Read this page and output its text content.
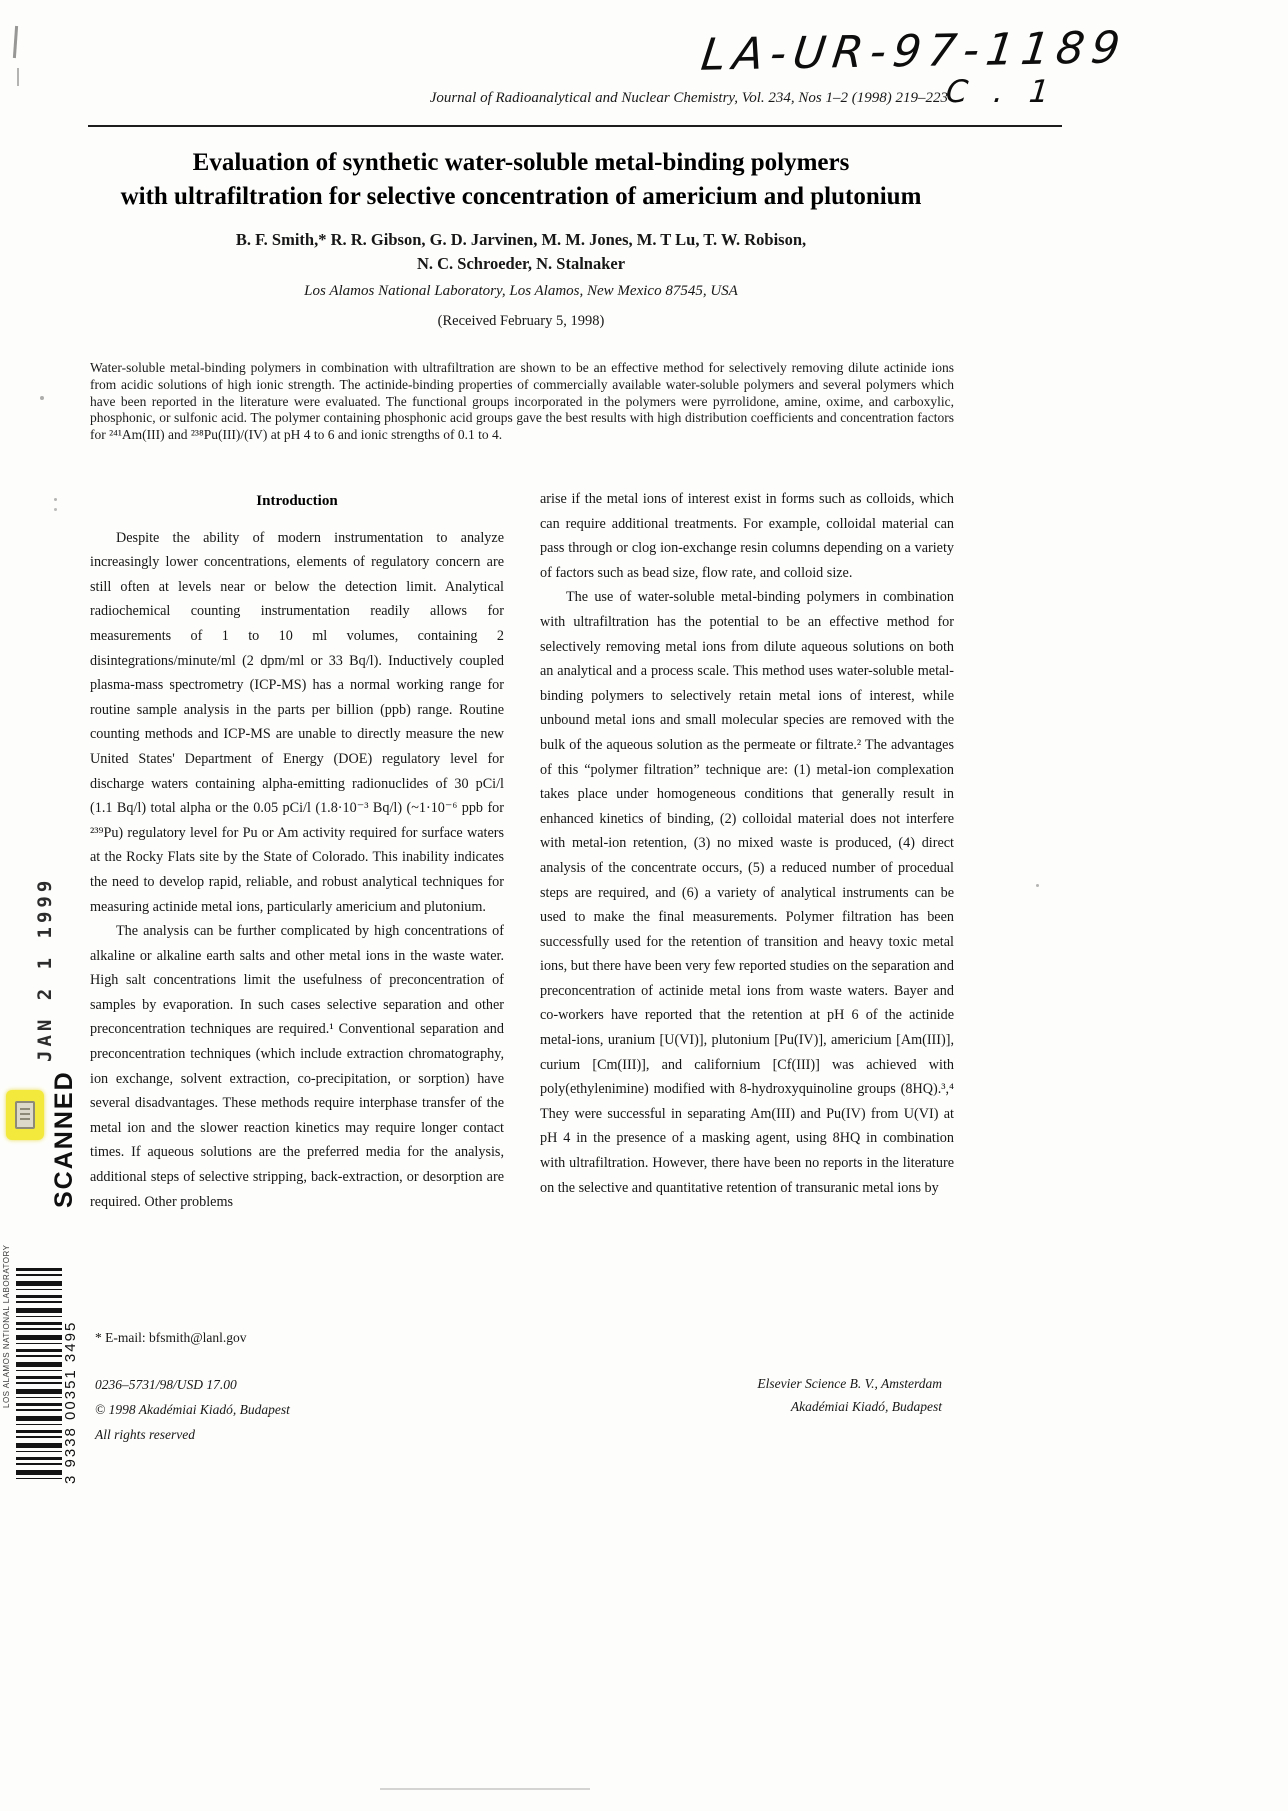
LA-UR-97-1189
Journal of Radioanalytical and Nuclear Chemistry, Vol. 234, Nos 1–2 (1998) 219–223
C . 1
Evaluation of synthetic water-soluble metal-binding polymers
with ultrafiltration for selective concentration of americium and plutonium
B. F. Smith,* R. R. Gibson, G. D. Jarvinen, M. M. Jones, M. T Lu, T. W. Robison,
N. C. Schroeder, N. Stalnaker
Los Alamos National Laboratory, Los Alamos, New Mexico 87545, USA
(Received February 5, 1998)
Water-soluble metal-binding polymers in combination with ultrafiltration are shown to be an effective method for selectively removing dilute actinide ions from acidic solutions of high ionic strength. The actinide-binding properties of commercially available water-soluble polymers and several polymers which have been reported in the literature were evaluated. The functional groups incorporated in the polymers were pyrrolidone, amine, oxime, and carboxylic, phosphonic, or sulfonic acid. The polymer containing phosphonic acid groups gave the best results with high distribution coefficients and concentration factors for ²⁴¹Am(III) and ²³⁸Pu(III)/(IV) at pH 4 to 6 and ionic strengths of 0.1 to 4.
Introduction

Despite the ability of modern instrumentation to analyze increasingly lower concentrations, elements of regulatory concern are still often at levels near or below the detection limit. Analytical radiochemical counting instrumentation readily allows for measurements of 1 to 10 ml volumes, containing 2 disintegrations/minute/ml (2 dpm/ml or 33 Bq/l). Inductively coupled plasma-mass spectrometry (ICP-MS) has a normal working range for routine sample analysis in the parts per billion (ppb) range. Routine counting methods and ICP-MS are unable to directly measure the new United States' Department of Energy (DOE) regulatory level for discharge waters containing alpha-emitting radionuclides of 30 pCi/l (1.1 Bq/l) total alpha or the 0.05 pCi/l (1.8·10⁻³ Bq/l) (~1·10⁻⁶ ppb for ²³⁹Pu) regulatory level for Pu or Am activity required for surface waters at the Rocky Flats site by the State of Colorado. This inability indicates the need to develop rapid, reliable, and robust analytical techniques for measuring actinide metal ions, particularly americium and plutonium.

The analysis can be further complicated by high concentrations of alkaline or alkaline earth salts and other metal ions in the waste water. High salt concentrations limit the usefulness of preconcentration of samples by evaporation. In such cases selective separation and other preconcentration techniques are required.¹ Conventional separation and preconcentration techniques (which include extraction chromatography, ion exchange, solvent extraction, co-precipitation, or sorption) have several disadvantages. These methods require interphase transfer of the metal ion and the slower reaction kinetics may require longer contact times. If aqueous solutions are the preferred media for the analysis, additional steps of selective stripping, back-extraction, or desorption are required. Other problems

arise if the metal ions of interest exist in forms such as colloids, which can require additional treatments. For example, colloidal material can pass through or clog ion-exchange resin columns depending on a variety of factors such as bead size, flow rate, and colloid size.

The use of water-soluble metal-binding polymers in combination with ultrafiltration has the potential to be an effective method for selectively removing metal ions from dilute aqueous solutions on both an analytical and a process scale. This method uses water-soluble metal-binding polymers to selectively retain metal ions of interest, while unbound metal ions and small molecular species are removed with the bulk of the aqueous solution as the permeate or filtrate.² The advantages of this “polymer filtration” technique are: (1) metal-ion complexation takes place under homogeneous conditions that generally result in enhanced kinetics of binding, (2) colloidal material does not interfere with metal-ion retention, (3) no mixed waste is produced, (4) direct analysis of the concentrate occurs, (5) a reduced number of procedual steps are required, and (6) a variety of analytical instruments can be used to make the final measurements. Polymer filtration has been successfully used for the retention of transition and heavy toxic metal ions, but there have been very few reported studies on the separation and preconcentration of actinide metal ions from waste waters. Bayer and co-workers have reported that the retention at pH 6 of the actinide metal-ions, uranium [U(VI)], plutonium [Pu(IV)], americium [Am(III)], curium [Cm(III)], and californium [Cf(III)] was achieved with poly(ethylenimine) modified with 8-hydroxyquinoline groups (8HQ).³,⁴ They were successful in separating Am(III) and Pu(IV) from U(VI) at pH 4 in the presence of a masking agent, using 8HQ in combination with ultrafiltration. However, there have been no reports in the literature on the selective and quantitative retention of transuranic metal ions by

* E-mail: bfsmith@lanl.gov
0236–5731/98/USD 17.00
© 1998 Akadémiai Kiadó, Budapest
All rights reserved
Elsevier Science B. V., Amsterdam
Akadémiai Kiadó, Budapest
JAN 2 1 1999
SCANNED
3 9338 00351 3495
LOS ALAMOS NATIONAL LABORATORY
